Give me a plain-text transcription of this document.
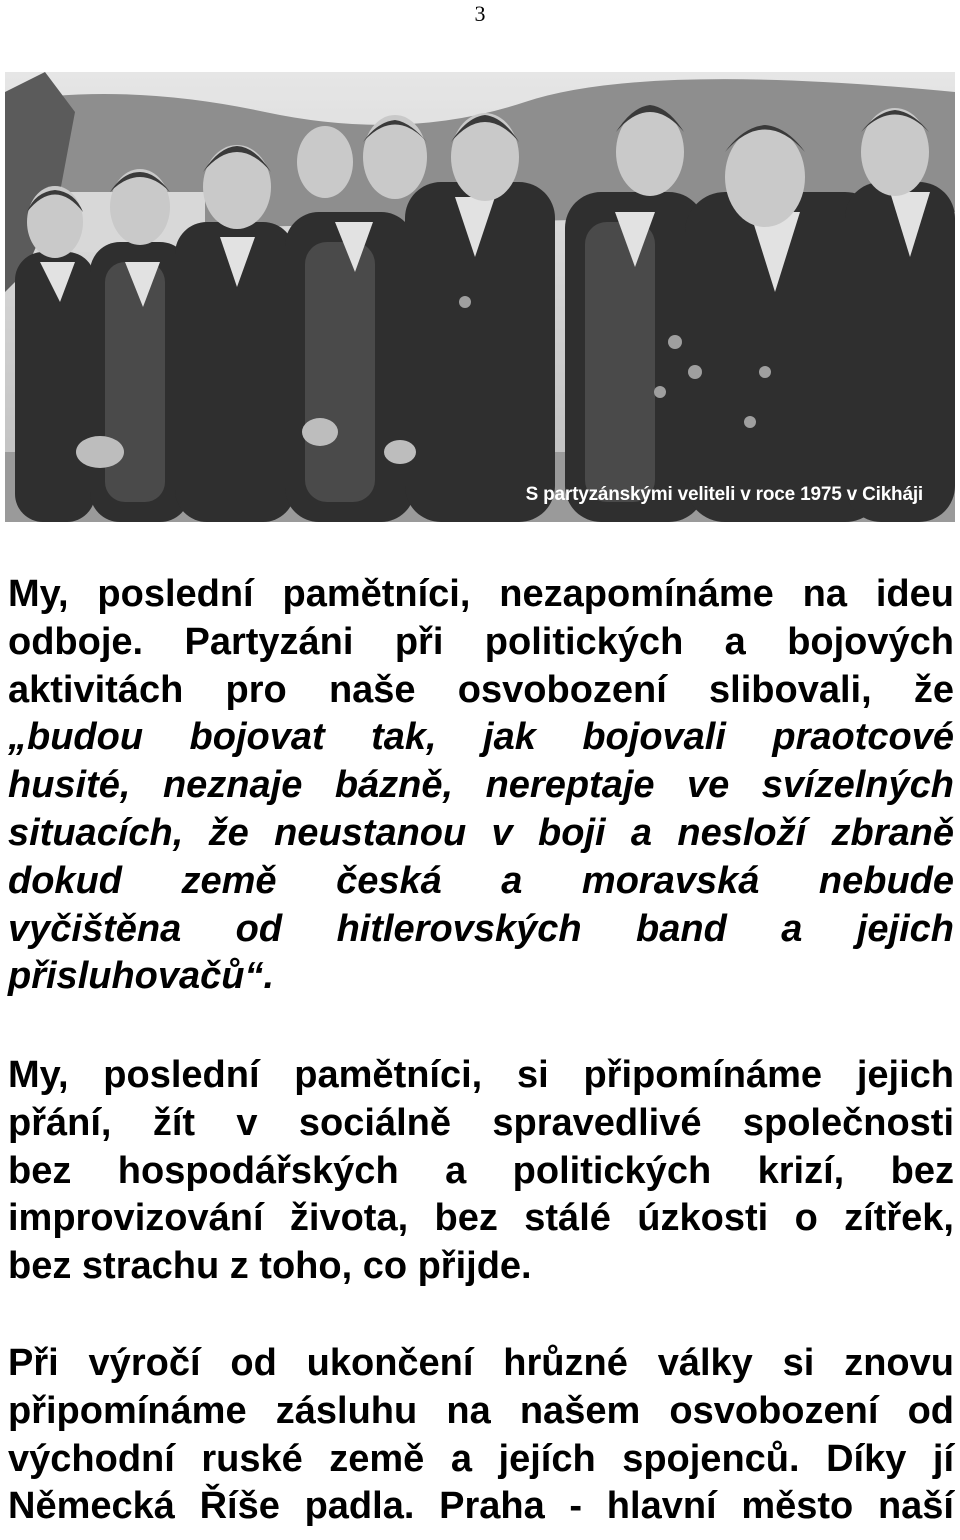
3
S partyzánskými veliteli v roce 1975 v Cikháji
My, poslední pamětníci, nezapomínáme na ideu
odboje. Partyzáni při politických a bojových
aktivitách pro naše osvobození slibovali, že
„budou bojovat tak, jak bojovali praotcové
husité, neznaje bázně, nereptaje ve svízelných
situacích, že neustanou v boji a nesloží zbraně
dokud země česká a moravská nebude
vyčištěna od hitlerovských band a jejich
přisluhovačů“.
My, poslední pamětníci, si připomínáme jejich
přání, žít v sociálně spravedlivé společnosti
bez hospodářských a politických krizí, bez
improvizování života, bez stálé úzkosti o zítřek,
bez strachu z toho, co přijde.
Při výročí od ukončení hrůzné války si znovu
připomínáme zásluhu na našem osvobození od
východní ruské země a jejích spojenců. Díky jí
Německá Říše padla. Praha - hlavní město naší
